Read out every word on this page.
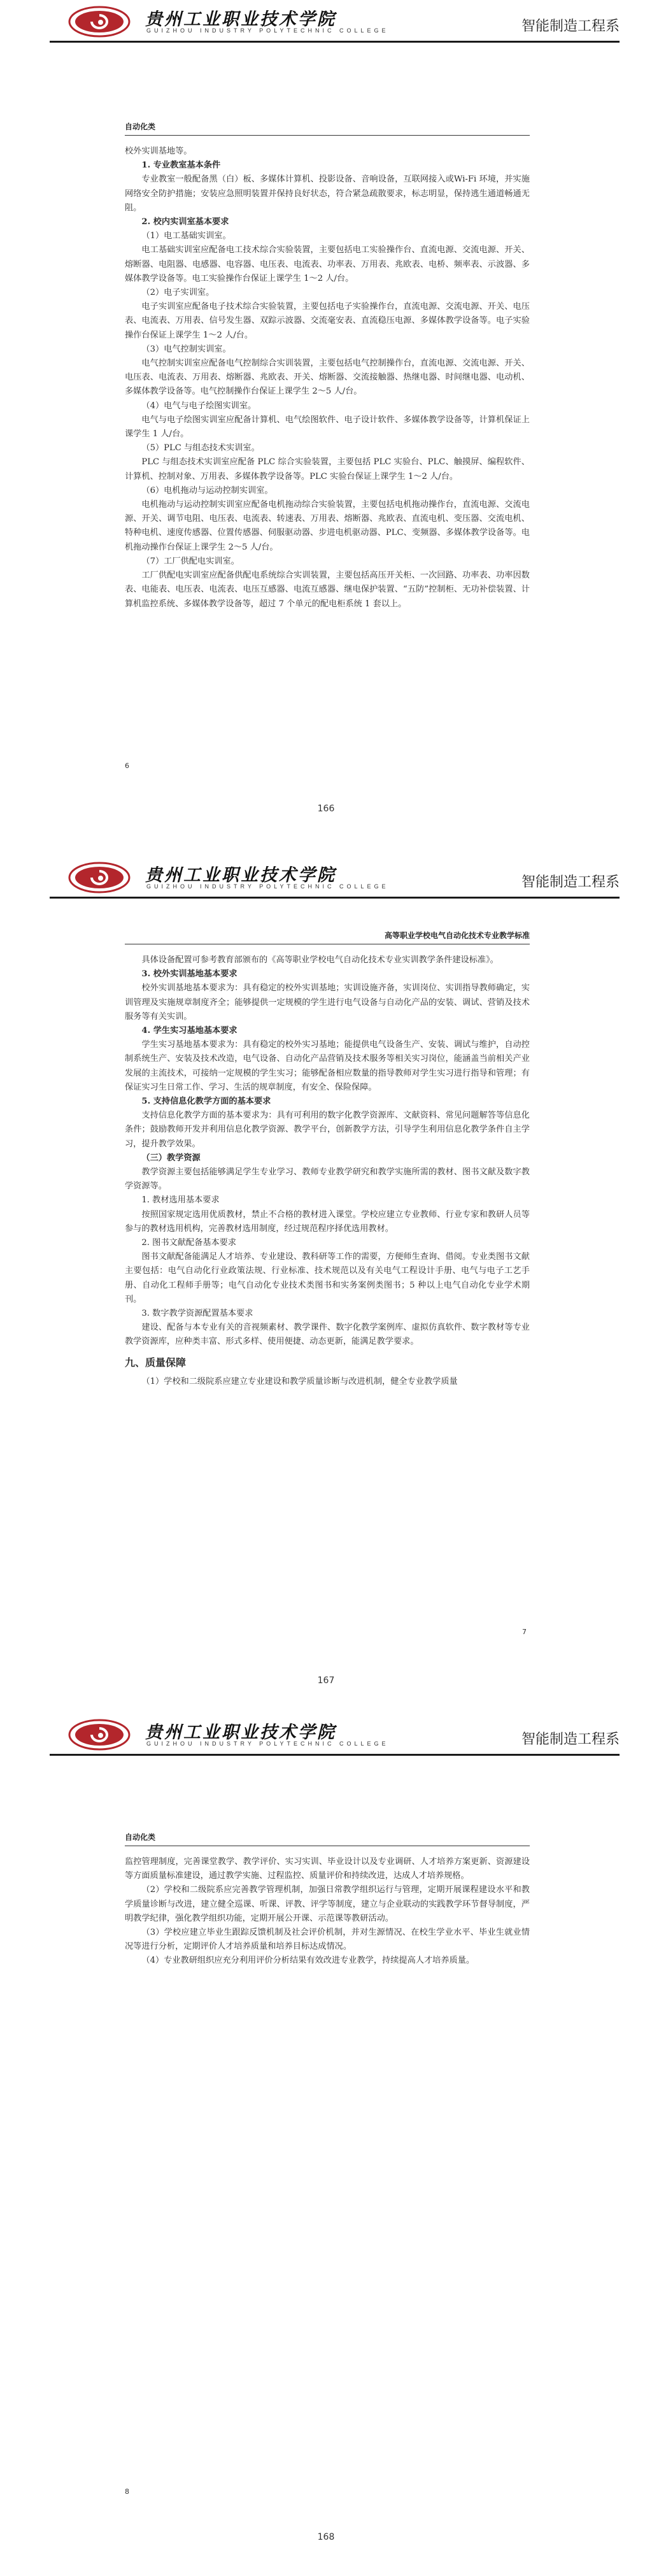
贵州工业职业技术学院
GUIZHOU INDUSTRY POLYTECHNIC COLLEGE	智能制造工程系
自动化类

校外实训基地等。

1. 专业教室基本条件

专业教室一般配备黑（白）板、多媒体计算机、投影设备、音响设备，互联网接入或Wi-Fi 环境，并实施网络安全防护措施；安装应急照明装置并保持良好状态，符合紧急疏散要求，标志明显，保持逃生通道畅通无阻。

2. 校内实训室基本要求

（1）电工基础实训室。

电工基础实训室应配备电工技术综合实验装置，主要包括电工实验操作台、直流电源、交流电源、开关、熔断器、电阻器、电感器、电容器、电压表、电流表、功率表、万用表、兆欧表、电桥、频率表、示波器、多媒体教学设备等。电工实验操作台保证上课学生 1～2 人/台。

（2）电子实训室。

电子实训室应配备电子技术综合实验装置，主要包括电子实验操作台，直流电源、交流电源、开关、电压表、电流表、万用表、信号发生器、双踪示波器、交流毫安表、直流稳压电源、多媒体教学设备等。电子实验操作台保证上课学生 1～2 人/台。

（3）电气控制实训室。

电气控制实训室应配备电气控制综合实训装置，主要包括电气控制操作台，直流电源、交流电源、开关、电压表、电流表、万用表、熔断器、兆欧表、开关、熔断器、交流接触器、热继电器、时间继电器、电动机、多媒体教学设备等。电气控制操作台保证上课学生 2～5 人/台。

（4）电气与电子绘图实训室。

电气与电子绘图实训室应配备计算机、电气绘图软件、电子设计软件、多媒体教学设备等，计算机保证上课学生 1 人/台。

（5）PLC 与组态技术实训室。

PLC 与组态技术实训室应配备 PLC 综合实验装置，主要包括 PLC 实验台、PLC、触摸屏、编程软件、计算机、控制对象、万用表、多媒体教学设备等。PLC 实验台保证上课学生 1～2 人/台。

（6）电机拖动与运动控制实训室。

电机拖动与运动控制实训室应配备电机拖动综合实验装置，主要包括电机拖动操作台，直流电源、交流电源、开关、调节电阻、电压表、电流表、转速表、万用表、熔断器、兆欧表、直流电机、变压器、交流电机、特种电机、速度传感器、位置传感器、伺服驱动器、步进电机驱动器、PLC、变频器、多媒体教学设备等。电机拖动操作台保证上课学生 2～5 人/台。

（7）工厂供配电实训室。

工厂供配电实训室应配备供配电系统综合实训装置，主要包括高压开关柜、一次回路、功率表、功率因数表、电能表、电压表、电流表、电压互感器、电流互感器、继电保护装置、“五防”控制柜、无功补偿装置、计算机监控系统、多媒体教学设备等，超过 7 个单元的配电柜系统 1 套以上。

6
166
贵州工业职业技术学院
GUIZHOU INDUSTRY POLYTECHNIC COLLEGE	智能制造工程系
高等职业学校电气自动化技术专业教学标准

具体设备配置可参考教育部颁布的《高等职业学校电气自动化技术专业实训教学条件建设标准》。

3. 校外实训基地基本要求

校外实训基地基本要求为：具有稳定的校外实训基地；实训设施齐备，实训岗位、实训指导教师确定，实训管理及实施规章制度齐全；能够提供一定规模的学生进行电气设备与自动化产品的安装、调试、营销及技术服务等有关实训。

4. 学生实习基地基本要求

学生实习基地基本要求为：具有稳定的校外实习基地；能提供电气设备生产、安装、调试与维护，自动控制系统生产、安装及技术改造，电气设备、自动化产品营销及技术服务等相关实习岗位，能涵盖当前相关产业发展的主流技术，可接纳一定规模的学生实习；能够配备相应数量的指导教师对学生实习进行指导和管理；有保证实习生日常工作、学习、生活的规章制度，有安全、保险保障。

5. 支持信息化教学方面的基本要求

支持信息化教学方面的基本要求为：具有可利用的数字化教学资源库、文献资料、常见问题解答等信息化条件；鼓励教师开发并利用信息化教学资源、教学平台，创新教学方法，引导学生利用信息化教学条件自主学习，提升教学效果。

（三）教学资源

教学资源主要包括能够满足学生专业学习、教师专业教学研究和教学实施所需的教材、图书文献及数字教学资源等。

1. 教材选用基本要求

按照国家规定选用优质教材，禁止不合格的教材进入课堂。学校应建立专业教师、行业专家和教研人员等参与的教材选用机构，完善教材选用制度，经过规范程序择优选用教材。

2. 图书文献配备基本要求

图书文献配备能满足人才培养、专业建设、教科研等工作的需要，方便师生查询、借阅。专业类图书文献主要包括：电气自动化行业政策法规、行业标准、技术规范以及有关电气工程设计手册、电气与电子工艺手册、自动化工程师手册等；电气自动化专业技术类图书和实务案例类图书；5 种以上电气自动化专业学术期刊。

3. 数字教学资源配置基本要求

建设、配备与本专业有关的音视频素材、教学课件、数字化教学案例库、虚拟仿真软件、数字教材等专业教学资源库，应种类丰富、形式多样、使用便捷、动态更新，能满足教学要求。

九、质量保障

（1）学校和二级院系应建立专业建设和教学质量诊断与改进机制，健全专业教学质量

7
167
贵州工业职业技术学院
GUIZHOU INDUSTRY POLYTECHNIC COLLEGE	智能制造工程系
自动化类

监控管理制度，完善课堂教学、教学评价、实习实训、毕业设计以及专业调研、人才培养方案更新、资源建设等方面质量标准建设，通过教学实施、过程监控、质量评价和持续改进，达成人才培养规格。

（2）学校和二级院系应完善教学管理机制，加强日常教学组织运行与管理，定期开展课程建设水平和教学质量诊断与改进，建立健全巡课、听课、评教、评学等制度，建立与企业联动的实践教学环节督导制度，严明教学纪律，强化教学组织功能，定期开展公开课、示范课等教研活动。

（3）学校应建立毕业生跟踪反馈机制及社会评价机制，并对生源情况、在校生学业水平、毕业生就业情况等进行分析，定期评价人才培养质量和培养目标达成情况。

（4）专业教研组织应充分利用评价分析结果有效改进专业教学，持续提高人才培养质量。

8
168
